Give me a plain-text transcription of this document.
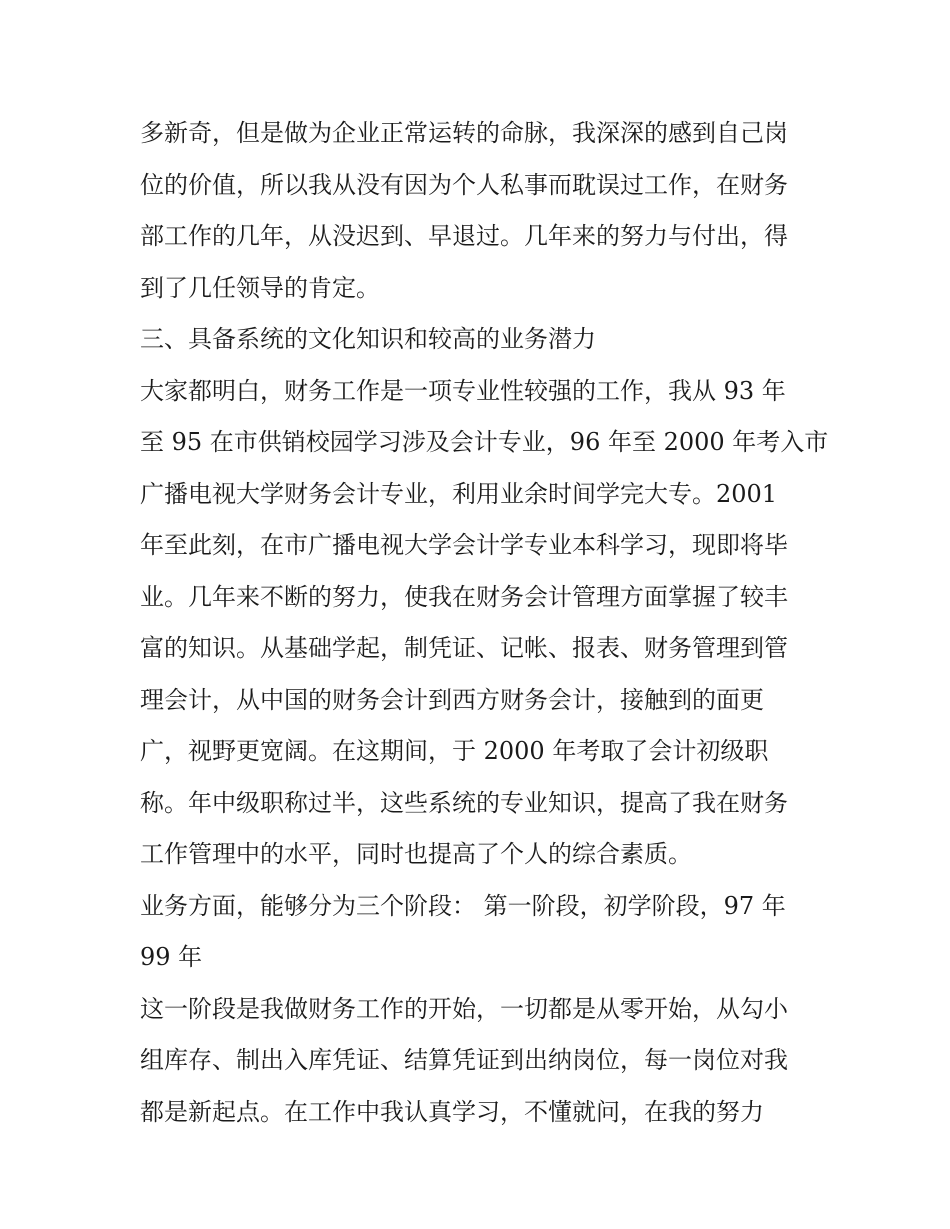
多新奇，但是做为企业正常运转的命脉，我深深的感到自己岗
位的价值，所以我从没有因为个人私事而耽误过工作，在财务
部工作的几年，从没迟到、早退过。几年来的努力与付出，得
到了几任领导的肯定。
三、具备系统的文化知识和较高的业务潜力
大家都明白，财务工作是一项专业性较强的工作，我从 93 年
至 95 在市供销校园学习涉及会计专业，96 年至 2000 年考入市
广播电视大学财务会计专业，利用业余时间学完大专。2001
年至此刻，在市广播电视大学会计学专业本科学习，现即将毕
业。几年来不断的努力，使我在财务会计管理方面掌握了较丰
富的知识。从基础学起，制凭证、记帐、报表、财务管理到管
理会计，从中国的财务会计到西方财务会计，接触到的面更
广，视野更宽阔。在这期间，于 2000 年考取了会计初级职
称。年中级职称过半，这些系统的专业知识，提高了我在财务
工作管理中的水平，同时也提高了个人的综合素质。
业务方面，能够分为三个阶段： 第一阶段，初学阶段，97 年
99 年
这一阶段是我做财务工作的开始，一切都是从零开始，从勾小
组库存、制出入库凭证、结算凭证到出纳岗位，每一岗位对我
都是新起点。在工作中我认真学习，不懂就问，在我的努力
